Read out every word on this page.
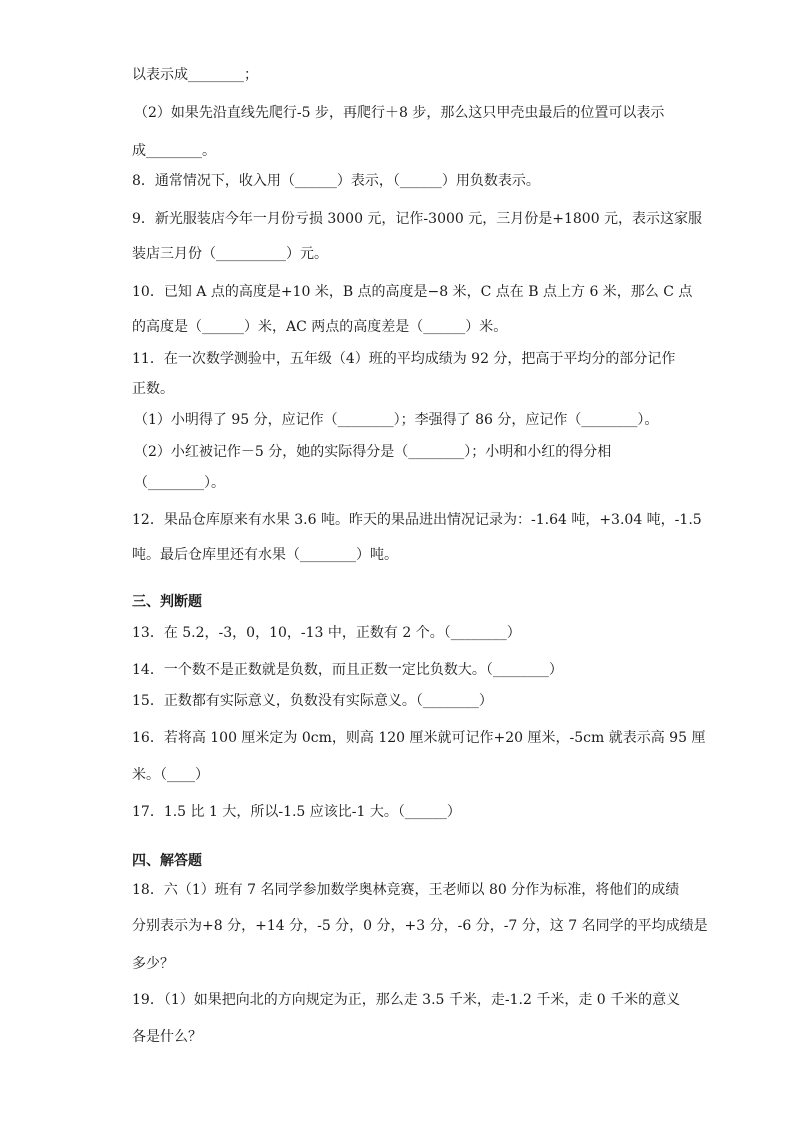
以表示成________；
（2）如果先沿直线先爬行-5 步，再爬行＋8 步，那么这只甲壳虫最后的位置可以表示
成________。
8．通常情况下，收入用（______）表示，（______）用负数表示。
9．新光服装店今年一月份亏损 3000 元，记作-3000 元，三月份是+1800 元，表示这家服
装店三月份（__________）元。
10．已知 A 点的高度是+10 米，B 点的高度是−8 米，C 点在 B 点上方 6 米，那么 C 点
的高度是（______）米，AC 两点的高度差是（______）米。
11．在一次数学测验中，五年级（4）班的平均成绩为 92 分，把高于平均分的部分记作
正数。
（1）小明得了 95 分，应记作（________）；李强得了 86 分，应记作（________）。
（2）小红被记作－5 分，她的实际得分是（________）；小明和小红的得分相
（________）。
12．果品仓库原来有水果 3.6 吨。昨天的果品进出情况记录为：-1.64 吨，+3.04 吨，-1.5
吨。最后仓库里还有水果（________）吨。
三、判断题
13．在 5.2，-3，0，10，-13 中，正数有 2 个。（________）
14．一个数不是正数就是负数，而且正数一定比负数大。（________）
15．正数都有实际意义，负数没有实际意义。（________）
16．若将高 100 厘米定为 0cm，则高 120 厘米就可记作+20 厘米，-5cm 就表示高 95 厘
米。（____）
17．1.5 比 1 大，所以-1.5 应该比-1 大。（______）
四、解答题
18．六（1）班有 7 名同学参加数学奥林竞赛，王老师以 80 分作为标准，将他们的成绩
分别表示为+8 分，+14 分，-5 分，0 分，+3 分，-6 分，-7 分，这 7 名同学的平均成绩是
多少？
19．（1）如果把向北的方向规定为正，那么走 3.5 千米，走-1.2 千米，走 0 千米的意义
各是什么？
